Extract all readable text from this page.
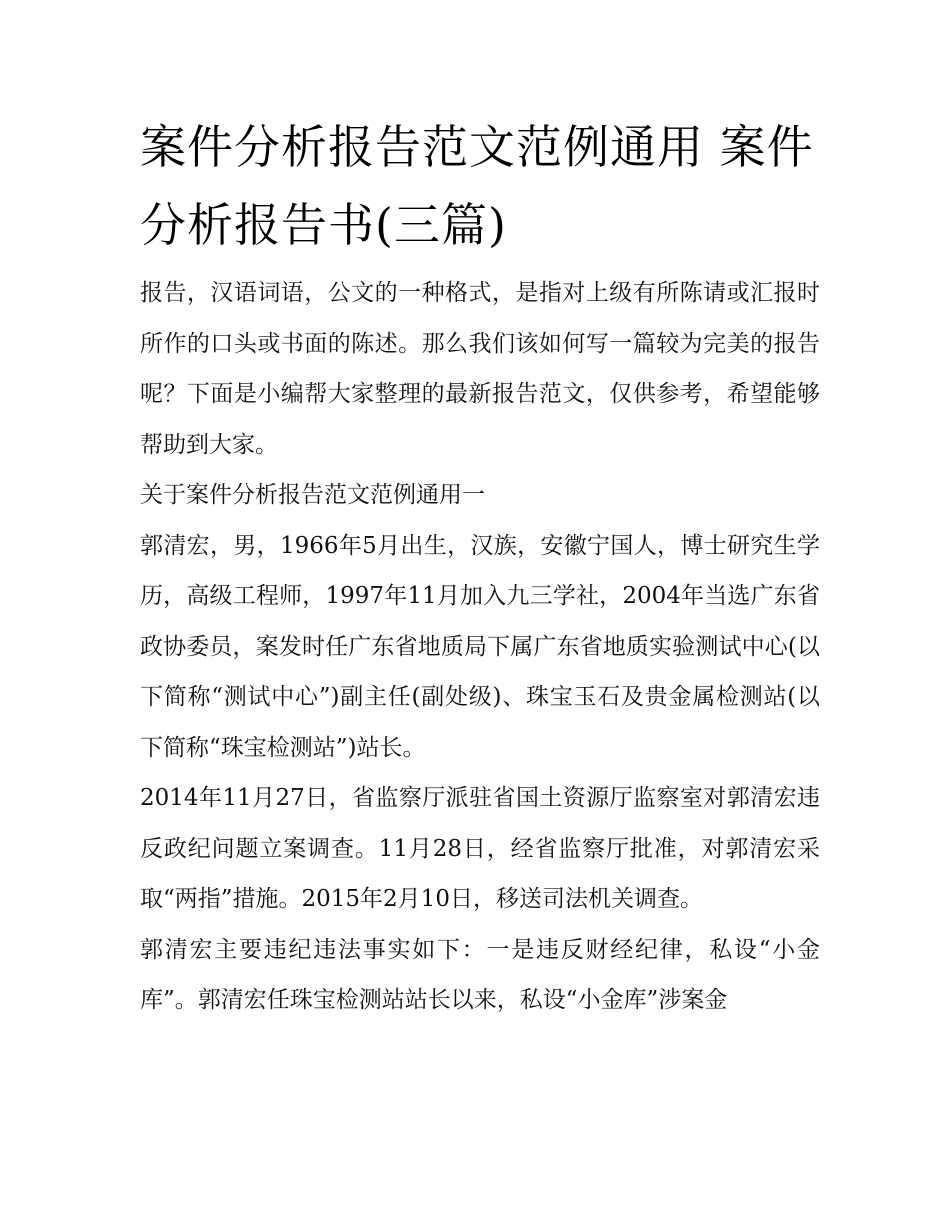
案件分析报告范文范例通用 案件分析报告书(三篇)

报告，汉语词语，公文的一种格式，是指对上级有所陈请或汇报时所作的口头或书面的陈述。那么我们该如何写一篇较为完美的报告呢？下面是小编帮大家整理的最新报告范文，仅供参考，希望能够帮助到大家。

关于案件分析报告范文范例通用一

郭清宏，男，1966年5月出生，汉族，安徽宁国人，博士研究生学历，高级工程师，1997年11月加入九三学社，2004年当选广东省政协委员，案发时任广东省地质局下属广东省地质实验测试中心(以下简称“测试中心”)副主任(副处级)、珠宝玉石及贵金属检测站(以下简称“珠宝检测站”)站长。

2014年11月27日，省监察厅派驻省国土资源厅监察室对郭清宏违反政纪问题立案调查。11月28日，经省监察厅批准，对郭清宏采取“两指”措施。2015年2月10日，移送司法机关调查。

郭清宏主要违纪违法事实如下：一是违反财经纪律，私设“小金库”。郭清宏任珠宝检测站站长以来，私设“小金库”涉案金
